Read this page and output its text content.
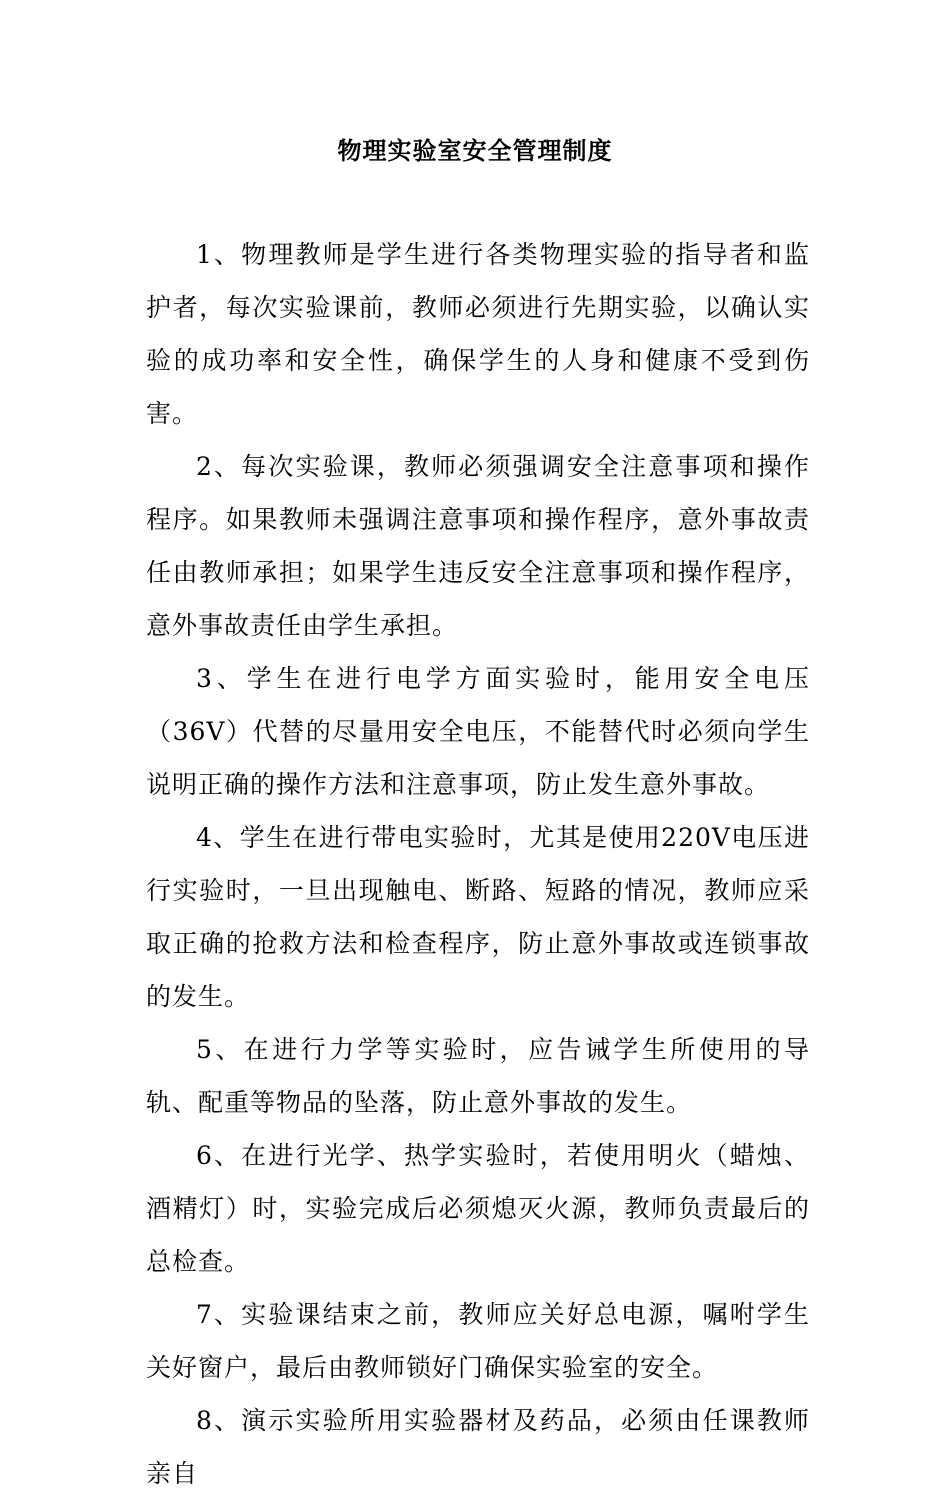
物理实验室安全管理制度

1、物理教师是学生进行各类物理实验的指导者和监护者，每次实验课前，教师必须进行先期实验，以确认实验的成功率和安全性，确保学生的人身和健康不受到伤害。

2、每次实验课，教师必须强调安全注意事项和操作程序。如果教师未强调注意事项和操作程序，意外事故责任由教师承担；如果学生违反安全注意事项和操作程序，意外事故责任由学生承担。

3、学生在进行电学方面实验时，能用安全电压（36V）代替的尽量用安全电压，不能替代时必须向学生说明正确的操作方法和注意事项，防止发生意外事故。

4、学生在进行带电实验时，尤其是使用220V电压进行实验时，一旦出现触电、断路、短路的情况，教师应采取正确的抢救方法和检查程序，防止意外事故或连锁事故的发生。

5、在进行力学等实验时，应告诫学生所使用的导轨、配重等物品的坠落，防止意外事故的发生。

6、在进行光学、热学实验时，若使用明火（蜡烛、酒精灯）时，实验完成后必须熄灭火源，教师负责最后的总检查。

7、实验课结束之前，教师应关好总电源，嘱咐学生关好窗户，最后由教师锁好门确保实验室的安全。

8、演示实验所用实验器材及药品，必须由任课教师亲自
